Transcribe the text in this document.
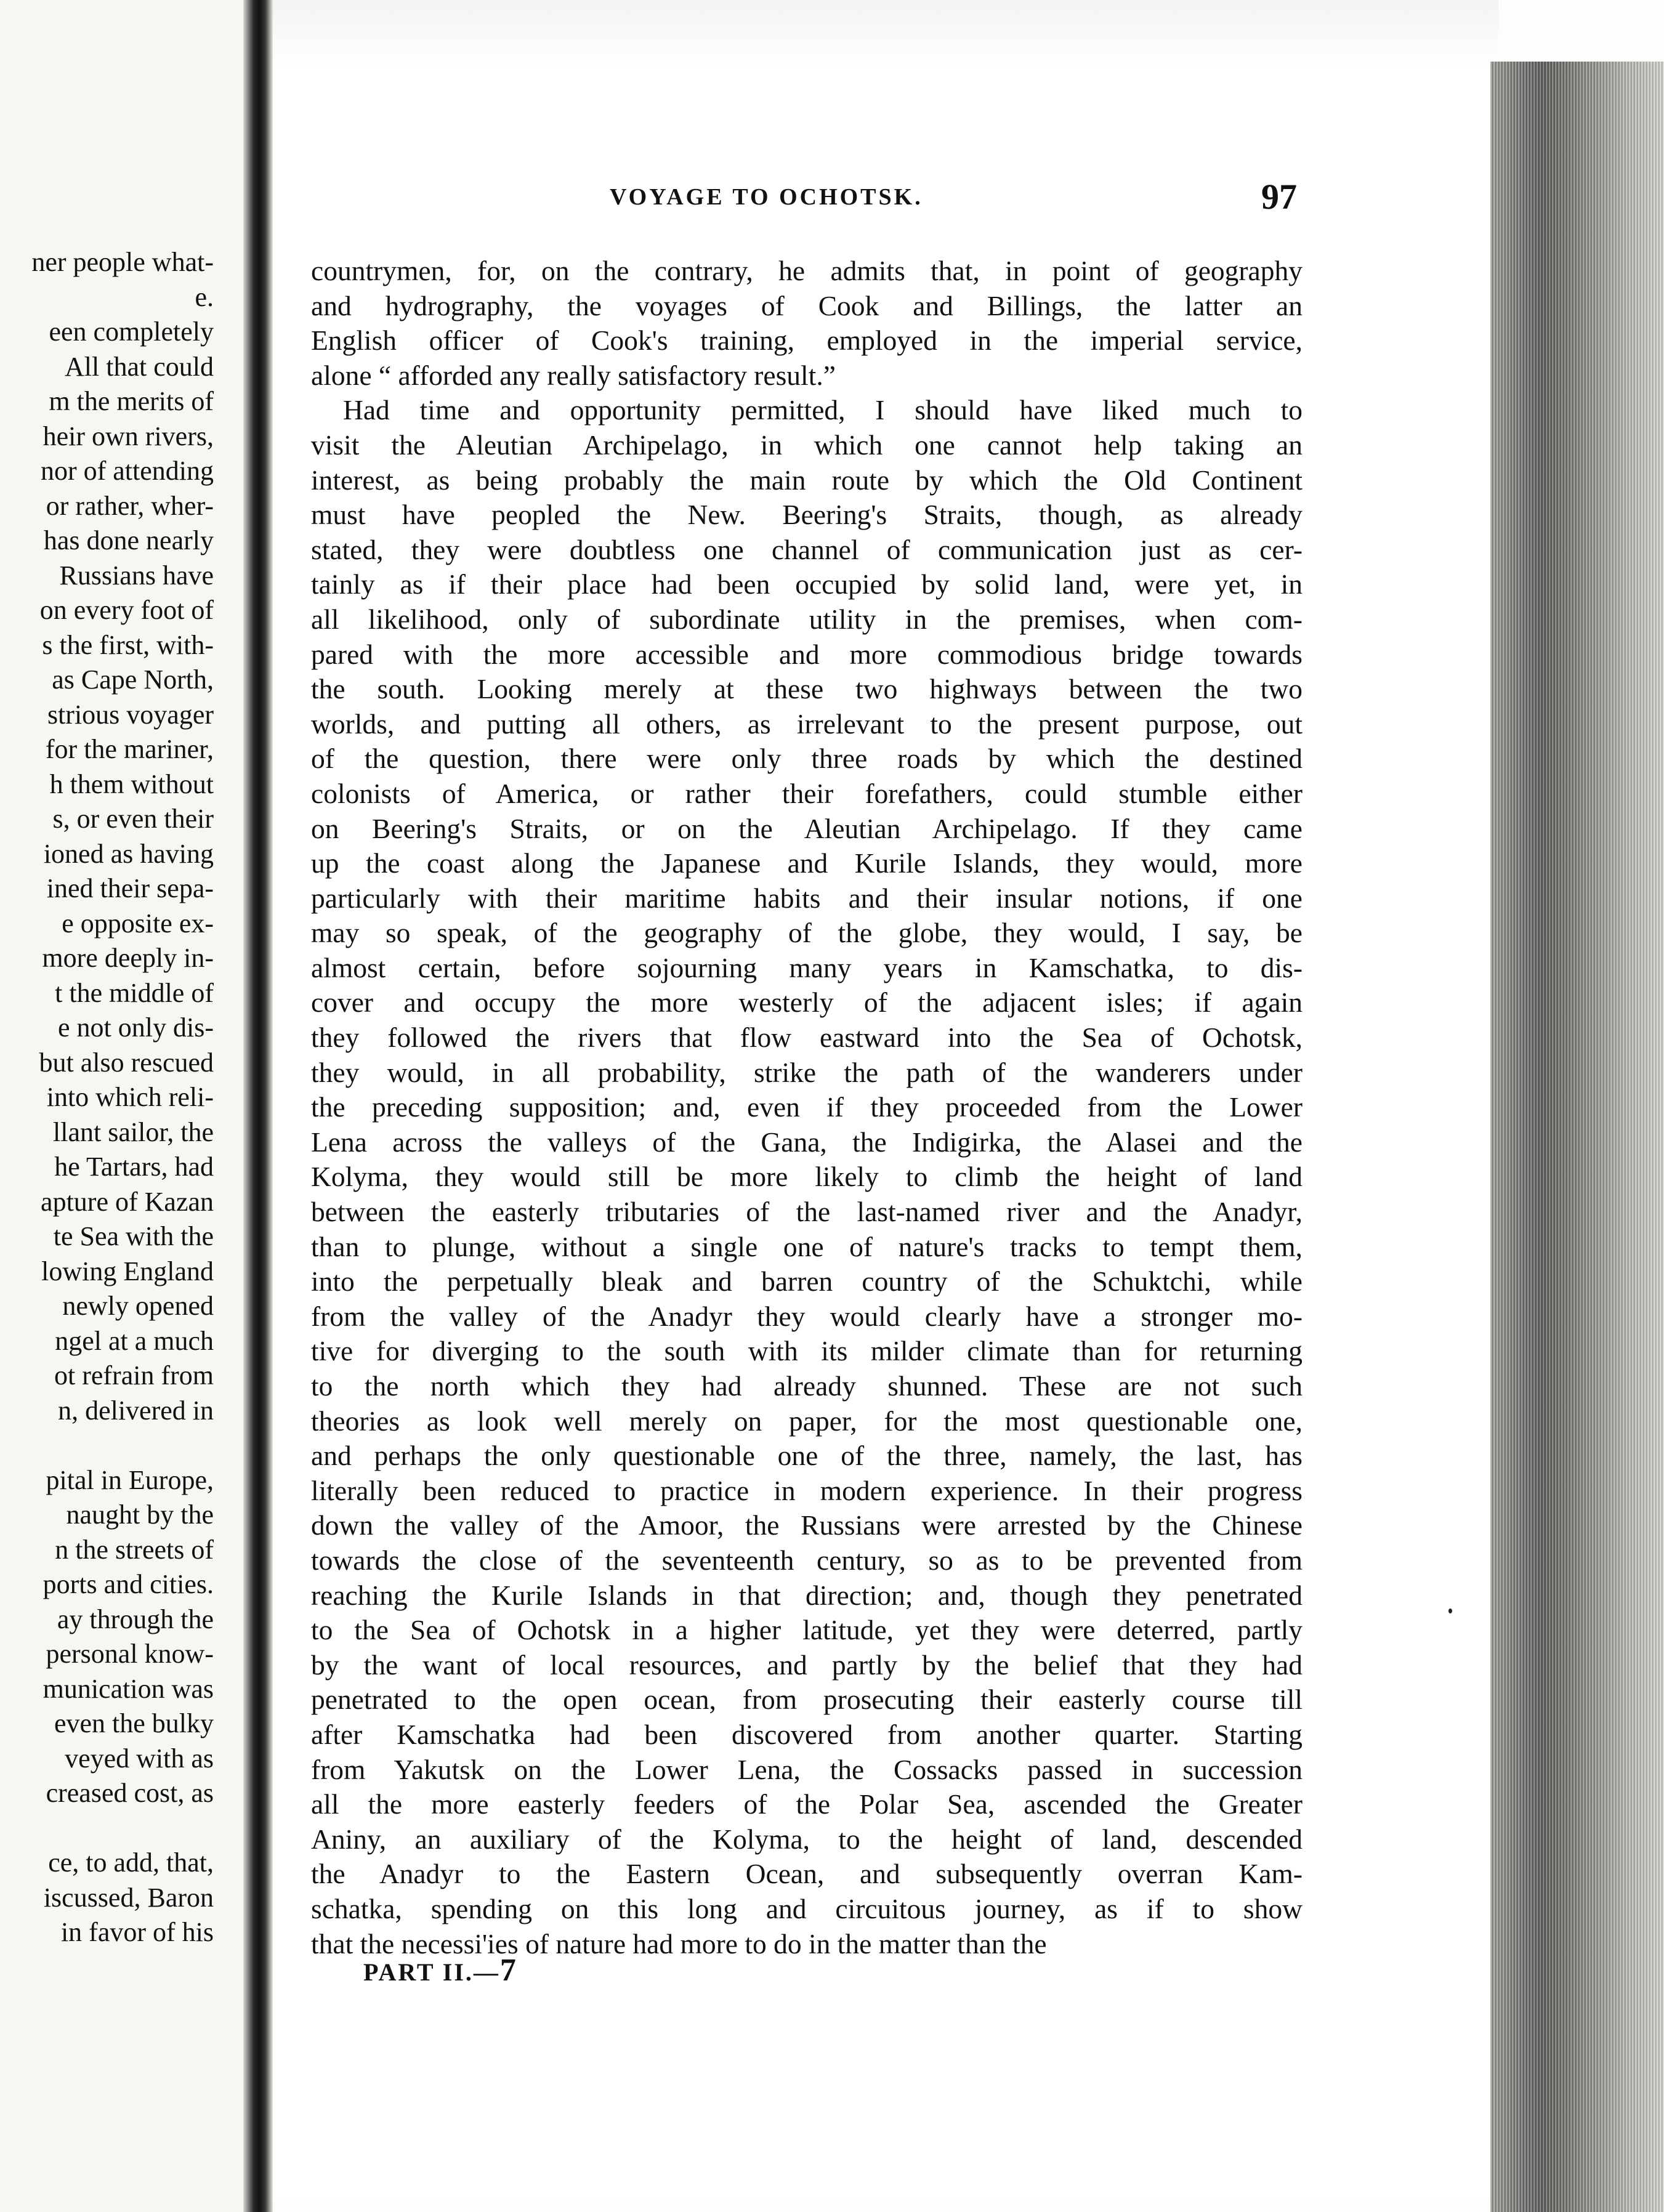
ner people what-
e.
een completely
All that could
m the merits of
heir own rivers,
nor of attending
or rather, wher-
has done nearly
Russians have
on every foot of
s the first, with-
as Cape North,
strious voyager
for the mariner,
h them without
s, or even their
ioned as having
ined their sepa-
e opposite ex-
more deeply in-
t the middle of
e not only dis-
but also rescued
into which reli-
llant sailor, the
he Tartars, had
apture of Kazan
te Sea with the
lowing England
newly opened
ngel at a much
ot refrain from
n, delivered in
pital in Europe,
naught by the
n the streets of
ports and cities.
ay through the
personal know-
munication was
even the bulky
veyed with as
creased cost, as
ce, to add, that,
iscussed, Baron
in favor of his
VOYAGE TO OCHOTSK.	97
countrymen, for, on the contrary, he admits that, in point of geography
and hydrography, the voyages of Cook and Billings, the latter an
English officer of Cook's training, employed in the imperial service,
alone “ afforded any really satisfactory result.”
Had time and opportunity permitted, I should have liked much to
visit the Aleutian Archipelago, in which one cannot help taking an
interest, as being probably the main route by which the Old Continent
must have peopled the New. Beering's Straits, though, as already
stated, they were doubtless one channel of communication just as cer-
tainly as if their place had been occupied by solid land, were yet, in
all likelihood, only of subordinate utility in the premises, when com-
pared with the more accessible and more commodious bridge towards
the south. Looking merely at these two highways between the two
worlds, and putting all others, as irrelevant to the present purpose, out
of the question, there were only three roads by which the destined
colonists of America, or rather their forefathers, could stumble either
on Beering's Straits, or on the Aleutian Archipelago. If they came
up the coast along the Japanese and Kurile Islands, they would, more
particularly with their maritime habits and their insular notions, if one
may so speak, of the geography of the globe, they would, I say, be
almost certain, before sojourning many years in Kamschatka, to dis-
cover and occupy the more westerly of the adjacent isles; if again
they followed the rivers that flow eastward into the Sea of Ochotsk,
they would, in all probability, strike the path of the wanderers under
the preceding supposition; and, even if they proceeded from the Lower
Lena across the valleys of the Gana, the Indigirka, the Alasei and the
Kolyma, they would still be more likely to climb the height of land
between the easterly tributaries of the last-named river and the Anadyr,
than to plunge, without a single one of nature's tracks to tempt them,
into the perpetually bleak and barren country of the Schuktchi, while
from the valley of the Anadyr they would clearly have a stronger mo-
tive for diverging to the south with its milder climate than for returning
to the north which they had already shunned. These are not such
theories as look well merely on paper, for the most questionable one,
and perhaps the only questionable one of the three, namely, the last, has
literally been reduced to practice in modern experience. In their progress
down the valley of the Amoor, the Russians were arrested by the Chinese
towards the close of the seventeenth century, so as to be prevented from
reaching the Kurile Islands in that direction; and, though they penetrated
to the Sea of Ochotsk in a higher latitude, yet they were deterred, partly
by the want of local resources, and partly by the belief that they had
penetrated to the open ocean, from prosecuting their easterly course till
after Kamschatka had been discovered from another quarter. Starting
from Yakutsk on the Lower Lena, the Cossacks passed in succession
all the more easterly feeders of the Polar Sea, ascended the Greater
Aniny, an auxiliary of the Kolyma, to the height of land, descended
the Anadyr to the Eastern Ocean, and subsequently overran Kam-
schatka, spending on this long and circuitous journey, as if to show
that the necessi'ies of nature had more to do in the matter than the
PART II.—7
